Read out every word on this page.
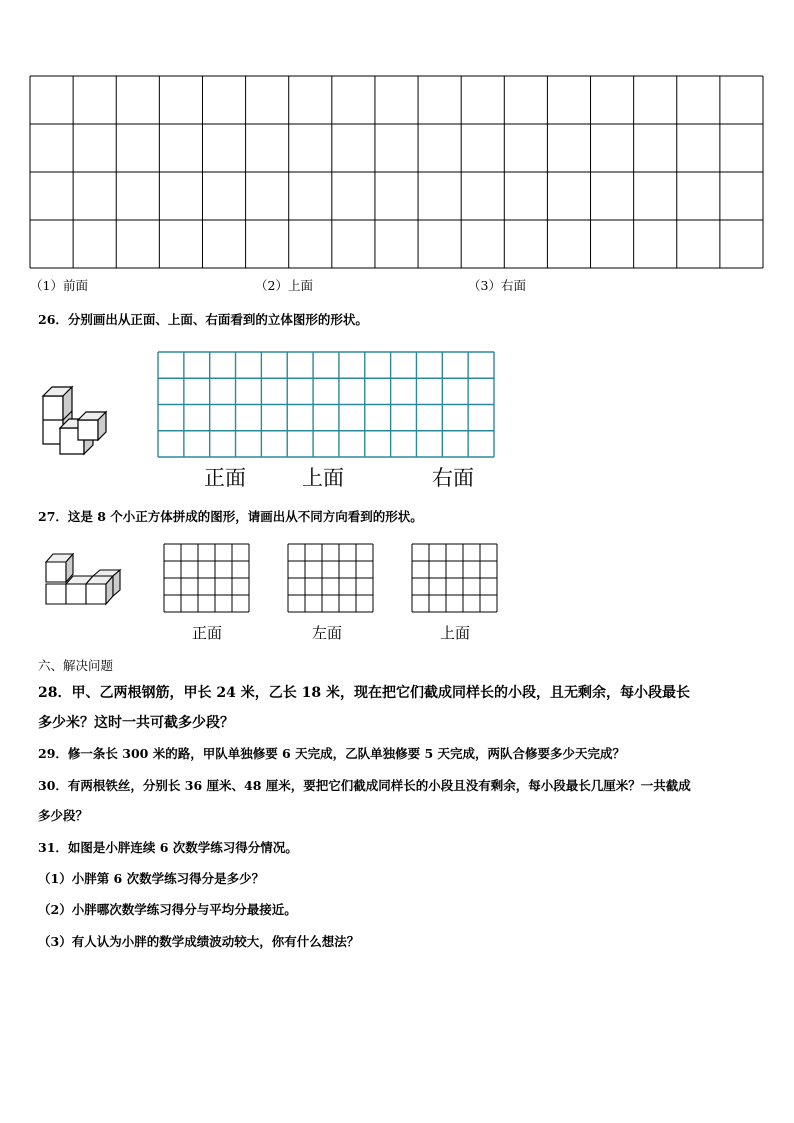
（1）前面	（2）上面	（3）右面
26．分别画出从正面、上面、右面看到的立体图形的形状。
正面	上面	右面
27．这是 8 个小正方体拼成的图形，请画出从不同方向看到的形状。
正面	左面	上面
六、解决问题
28．甲、乙两根钢筋，甲长 24 米，乙长 18 米，现在把它们截成同样长的小段，且无剩余，每小段最长
多少米？这时一共可截多少段？
29．修一条长 300 米的路，甲队单独修要 6 天完成，乙队单独修要 5 天完成，两队合修要多少天完成？
30．有两根铁丝，分别长 36 厘米、48 厘米，要把它们截成同样长的小段且没有剩余，每小段最长几厘米？一共截成
多少段？
31．如图是小胖连续 6 次数学练习得分情况。
（1）小胖第 6 次数学练习得分是多少？
（2）小胖哪次数学练习得分与平均分最接近。
（3）有人认为小胖的数学成绩波动较大，你有什么想法？
